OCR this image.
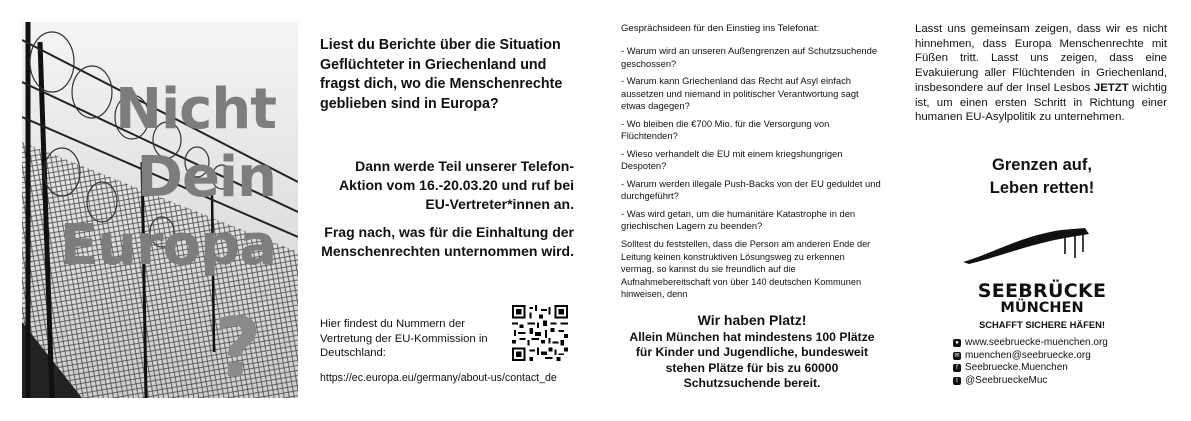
Nicht
Dein
Europa
?
Liest du Berichte über die Situation Geflüchteter in Griechenland und fragst dich, wo die Menschenrechte geblieben sind in Europa?
Dann werde Teil unserer Telefon-Aktion vom 16.-20.03.20 und ruf bei EU-Vertreter*innen an.
Frag nach, was für die Einhaltung der Menschenrechten unternommen wird.
Hier findest du Nummern der Vertretung der EU-Kommission in Deutschland:
https://ec.europa.eu/germany/about-us/contact_de
Gesprächsideen für den Einstieg ins Telefonat:
- Warum wird an unseren Außengrenzen auf Schutzsuchende geschossen?
- Warum kann Griechenland das Recht auf Asyl einfach aussetzen und niemand in politischer Verantwortung sagt etwas dagegen?
- Wo bleiben die €700 Mio. für die Versorgung von Flüchtenden?
- Wieso verhandelt die EU mit einem kriegshungrigen Despoten?
- Warum werden illegale Push-Backs von der EU geduldet und durchgeführt?
- Was wird getan, um die humanitäre Katastrophe in den griechischen Lagern zu beenden?
Solltest du feststellen, dass die Person am anderen Ende der Leitung keinen konstruktiven Lösungsweg zu erkennen vermag, so kannst du sie freundlich auf die Aufnahmebereitschaft von über 140 deutschen Kommunen hinweisen, denn
Wir haben Platz!
Allein München hat mindestens 100 Plätze für Kinder und Jugendliche, bundesweit stehen Plätze für bis zu 60000 Schutzsuchende bereit.
Lasst uns gemeinsam zeigen, dass wir es nicht hinnehmen, dass Europa Menschenrechte mit Füßen tritt. Lasst uns zeigen, dass eine Evakuierung aller Flüchtenden in Griechenland, insbesondere auf der Insel Lesbos JETZT wichtig ist, um einen ersten Schritt in Richtung einer humanen EU-Asylpolitik zu unternehmen.
Grenzen auf,
Leben retten!
SEEBRÜCKE
MÜNCHEN
SCHAFFT SICHERE HÄFEN!
● www.seebruecke-muenchen.org
✉ muenchen@seebruecke.org
f Seebruecke.Muenchen
t @SeebrueckeMuc
